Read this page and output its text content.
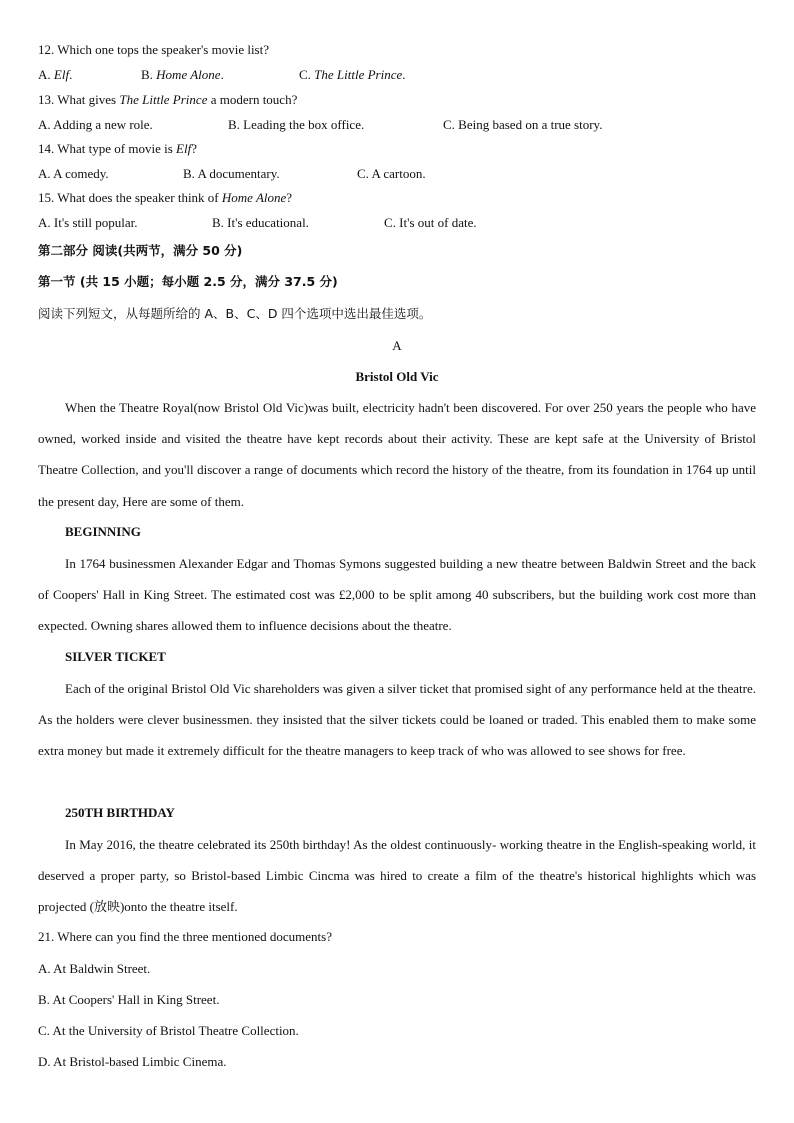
12. Which one tops the speaker's movie list?
A. Elf.	B. Home Alone.	C. The Little Prince.
13. What gives The Little Prince a modern touch?
A. Adding a new role.	B. Leading the box office.	C. Being based on a true story.
14. What type of movie is Elf?
A. A comedy.	B. A documentary.	C. A cartoon.
15. What does the speaker think of Home Alone?
A. It's still popular.	B. It's educational.	C. It's out of date.
第二部分 阅读(共两节，满分 50 分)
第一节 (共 15 小题；每小题 2.5 分，满分 37.5 分)
阅读下列短文，从每题所给的 A、B、C、D 四个选项中选出最佳选项。
A
Bristol Old Vic
When the Theatre Royal(now Bristol Old Vic)was built, electricity hadn't been discovered. For over 250 years the people who have owned, worked inside and visited the theatre have kept records about their activity. These are kept safe at the University of Bristol Theatre Collection, and you'll discover a range of documents which record the history of the theatre, from its foundation in 1764 up until the present day, Here are some of them.
BEGINNING
In 1764 businessmen Alexander Edgar and Thomas Symons suggested building a new theatre between Baldwin Street and the back of Coopers' Hall in King Street. The estimated cost was £2,000 to be split among 40 subscribers, but the building work cost more than expected. Owning shares allowed them to influence decisions about the theatre.
SILVER TICKET
Each of the original Bristol Old Vic shareholders was given a silver ticket that promised sight of any performance held at the theatre. As the holders were clever businessmen. they insisted that the silver tickets could be loaned or traded. This enabled them to make some extra money but made it extremely difficult for the theatre managers to keep track of who was allowed to see shows for free.
250TH BIRTHDAY
In May 2016, the theatre celebrated its 250th birthday! As the oldest continuously- working theatre in the English-speaking world, it deserved a proper party, so Bristol-based Limbic Cincma was hired to create a film of the theatre's historical highlights which was projected (放映)onto the theatre itself.
21. Where can you find the three mentioned documents?
A. At Baldwin Street.
B. At Coopers' Hall in King Street.
C. At the University of Bristol Theatre Collection.
D. At Bristol-based Limbic Cinema.
